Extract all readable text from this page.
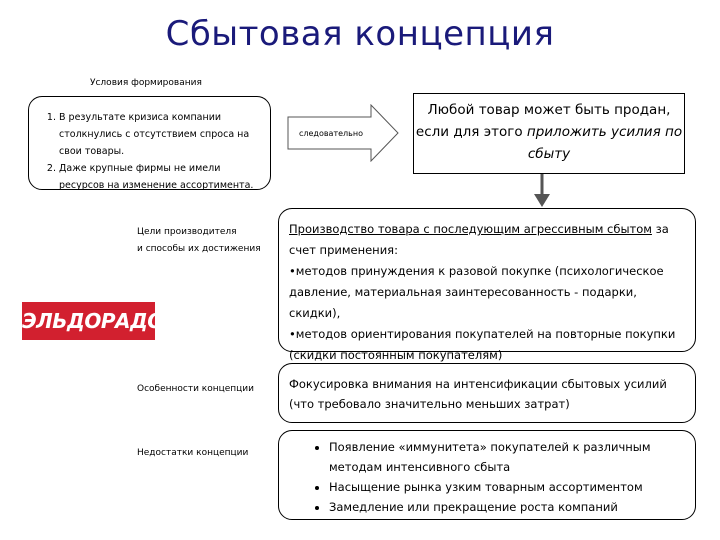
Сбытовая концепция
Условия формирования
1. В результате кризиса компании столкнулись с отсутствием спроса на свои товары.
2. Даже крупные фирмы не имели ресурсов на изменение ассортимента.
следовательно
Любой товар может быть продан, если для этого приложить усилия по сбыту
Цели производителя
и способы их достижения
ЭЛЬДОРАДО
Производство товара с последующим агрессивным сбытом за счет применения:
•методов принуждения к разовой покупке (психологическое давление, материальная заинтересованность - подарки, скидки),
•методов ориентирования покупателей на повторные покупки (скидки постоянным покупателям)
Особенности концепции	Фокусировка внимания на интенсификации сбытовых усилий (что требовало значительно меньших затрат)
Недостатки концепции
•	Появление «иммунитета» покупателей к различным методам интенсивного сбыта
• Насыщение рынка узким товарным ассортиментом
• Замедление или прекращение роста компаний
